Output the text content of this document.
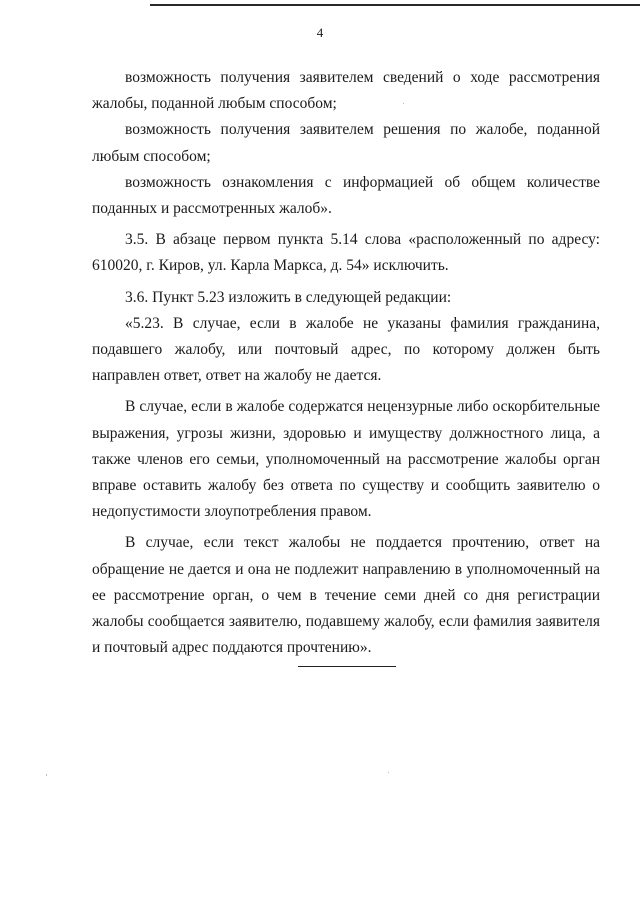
4

возможность получения заявителем сведений о ходе рассмотрения жалобы, поданной любым способом;

возможность получения заявителем решения по жалобе, поданной любым способом;

возможность ознакомления с информацией об общем количестве поданных и рассмотренных жалоб».

3.5. В абзаце первом пункта 5.14 слова «расположенный по адресу: 610020, г. Киров, ул. Карла Маркса, д. 54» исключить.

3.6. Пункт 5.23 изложить в следующей редакции:

«5.23. В случае, если в жалобе не указаны фамилия гражданина, подавшего жалобу, или почтовый адрес, по которому должен быть направлен ответ, ответ на жалобу не дается.

В случае, если в жалобе содержатся нецензурные либо оскорбительные выражения, угрозы жизни, здоровью и имуществу должностного лица, а также членов его семьи, уполномоченный на рассмотрение жалобы орган вправе оставить жалобу без ответа по существу и сообщить заявителю о недопустимости злоупотребления правом.

В случае, если текст жалобы не поддается прочтению, ответ на обращение не дается и она не подлежит направлению в уполномоченный на ее рассмотрение орган, о чем в течение семи дней со дня регистрации жалобы сообщается заявителю, подавшему жалобу, если фамилия заявителя и почтовый адрес поддаются прочтению».
